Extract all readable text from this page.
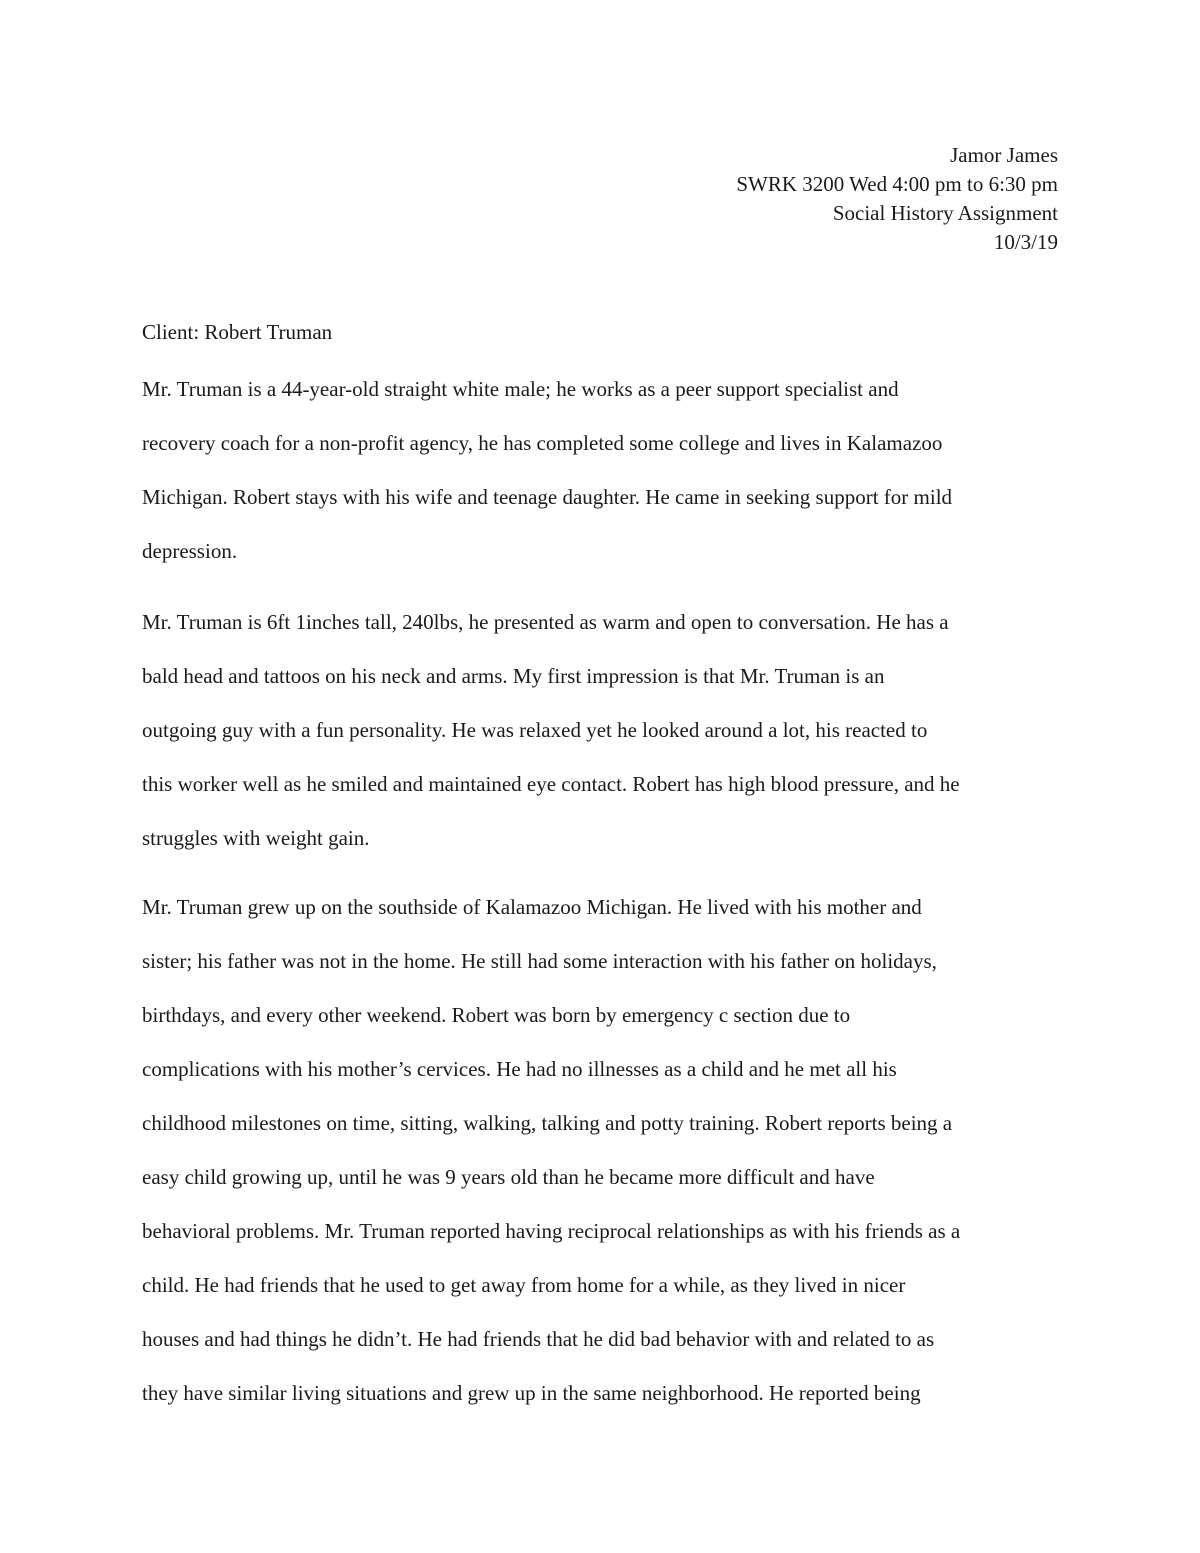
Jamor James
SWRK 3200 Wed 4:00 pm to 6:30 pm
Social History Assignment
10/3/19
Client: Robert Truman
Mr. Truman is a 44-year-old straight white male; he works as a peer support specialist and
recovery coach for a non-profit agency, he has completed some college and lives in Kalamazoo
Michigan. Robert stays with his wife and teenage daughter. He came in seeking support for mild
depression.
Mr. Truman is 6ft 1inches tall, 240lbs, he presented as warm and open to conversation. He has a
bald head and tattoos on his neck and arms. My first impression is that Mr. Truman is an
outgoing guy with a fun personality. He was relaxed yet he looked around a lot, his reacted to
this worker well as he smiled and maintained eye contact. Robert has high blood pressure, and he
struggles with weight gain.
Mr. Truman grew up on the southside of Kalamazoo Michigan. He lived with his mother and
sister; his father was not in the home. He still had some interaction with his father on holidays,
birthdays, and every other weekend. Robert was born by emergency c section due to
complications with his mother’s cervices. He had no illnesses as a child and he met all his
childhood milestones on time, sitting, walking, talking and potty training. Robert reports being a
easy child growing up, until he was 9 years old than he became more difficult and have
behavioral problems. Mr. Truman reported having reciprocal relationships as with his friends as a
child. He had friends that he used to get away from home for a while, as they lived in nicer
houses and had things he didn’t. He had friends that he did bad behavior with and related to as
they have similar living situations and grew up in the same neighborhood. He reported being
